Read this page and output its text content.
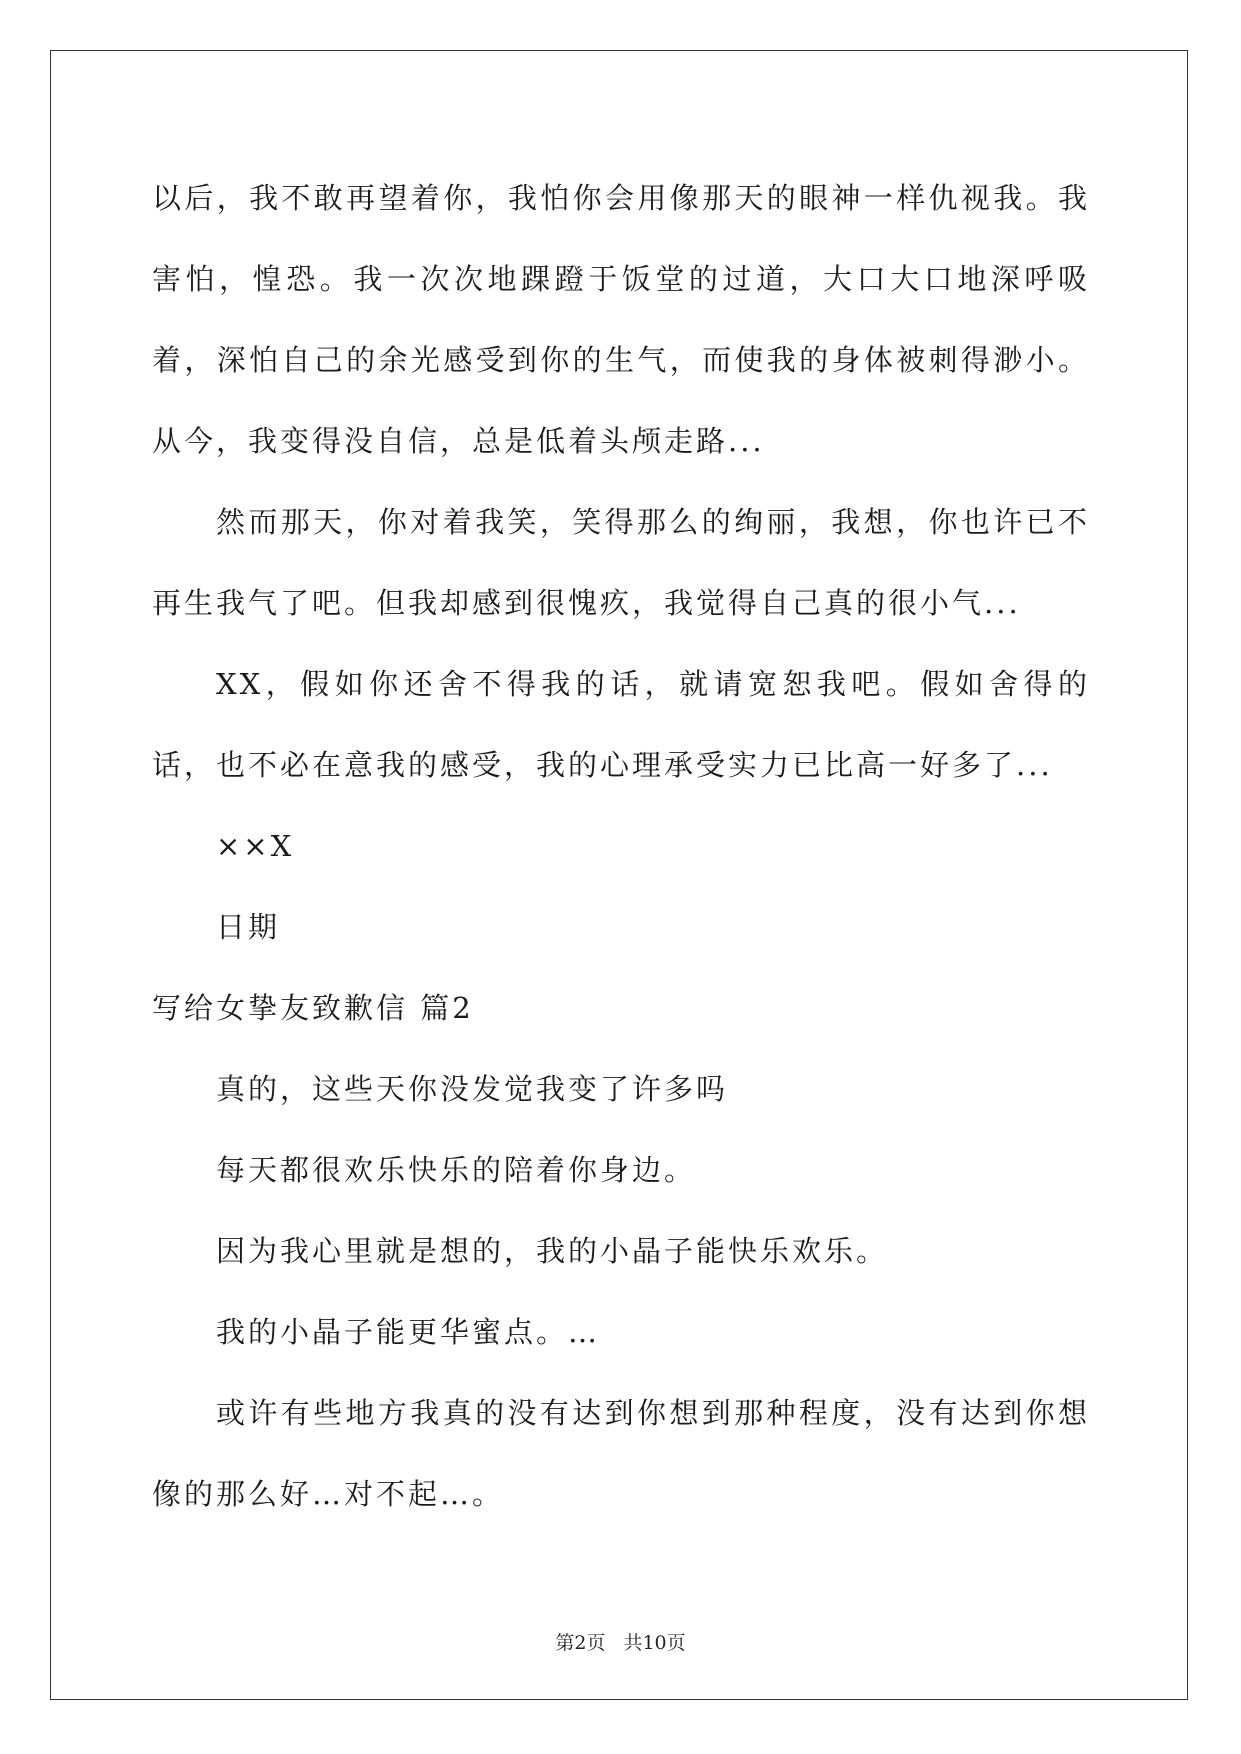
以后，我不敢再望着你，我怕你会用像那天的眼神一样仇视我。我害怕，惶恐。我一次次地踝蹬于饭堂的过道，大口大口地深呼吸着，深怕自己的余光感受到你的生气，而使我的身体被刺得渺小。从今，我变得没自信，总是低着头颅走路...

然而那天，你对着我笑，笑得那么的绚丽，我想，你也许已不再生我气了吧。但我却感到很愧疚，我觉得自己真的很小气...

XX，假如你还舍不得我的话，就请宽恕我吧。假如舍得的话，也不必在意我的感受，我的心理承受实力已比高一好多了...

××X

日期

写给女挚友致歉信 篇2

真的，这些天你没发觉我变了许多吗

每天都很欢乐快乐的陪着你身边。

因为我心里就是想的，我的小晶子能快乐欢乐。

我的小晶子能更华蜜点。…

或许有些地方我真的没有达到你想到那种程度，没有达到你想像的那么好…对不起…。

第2页 共10页
